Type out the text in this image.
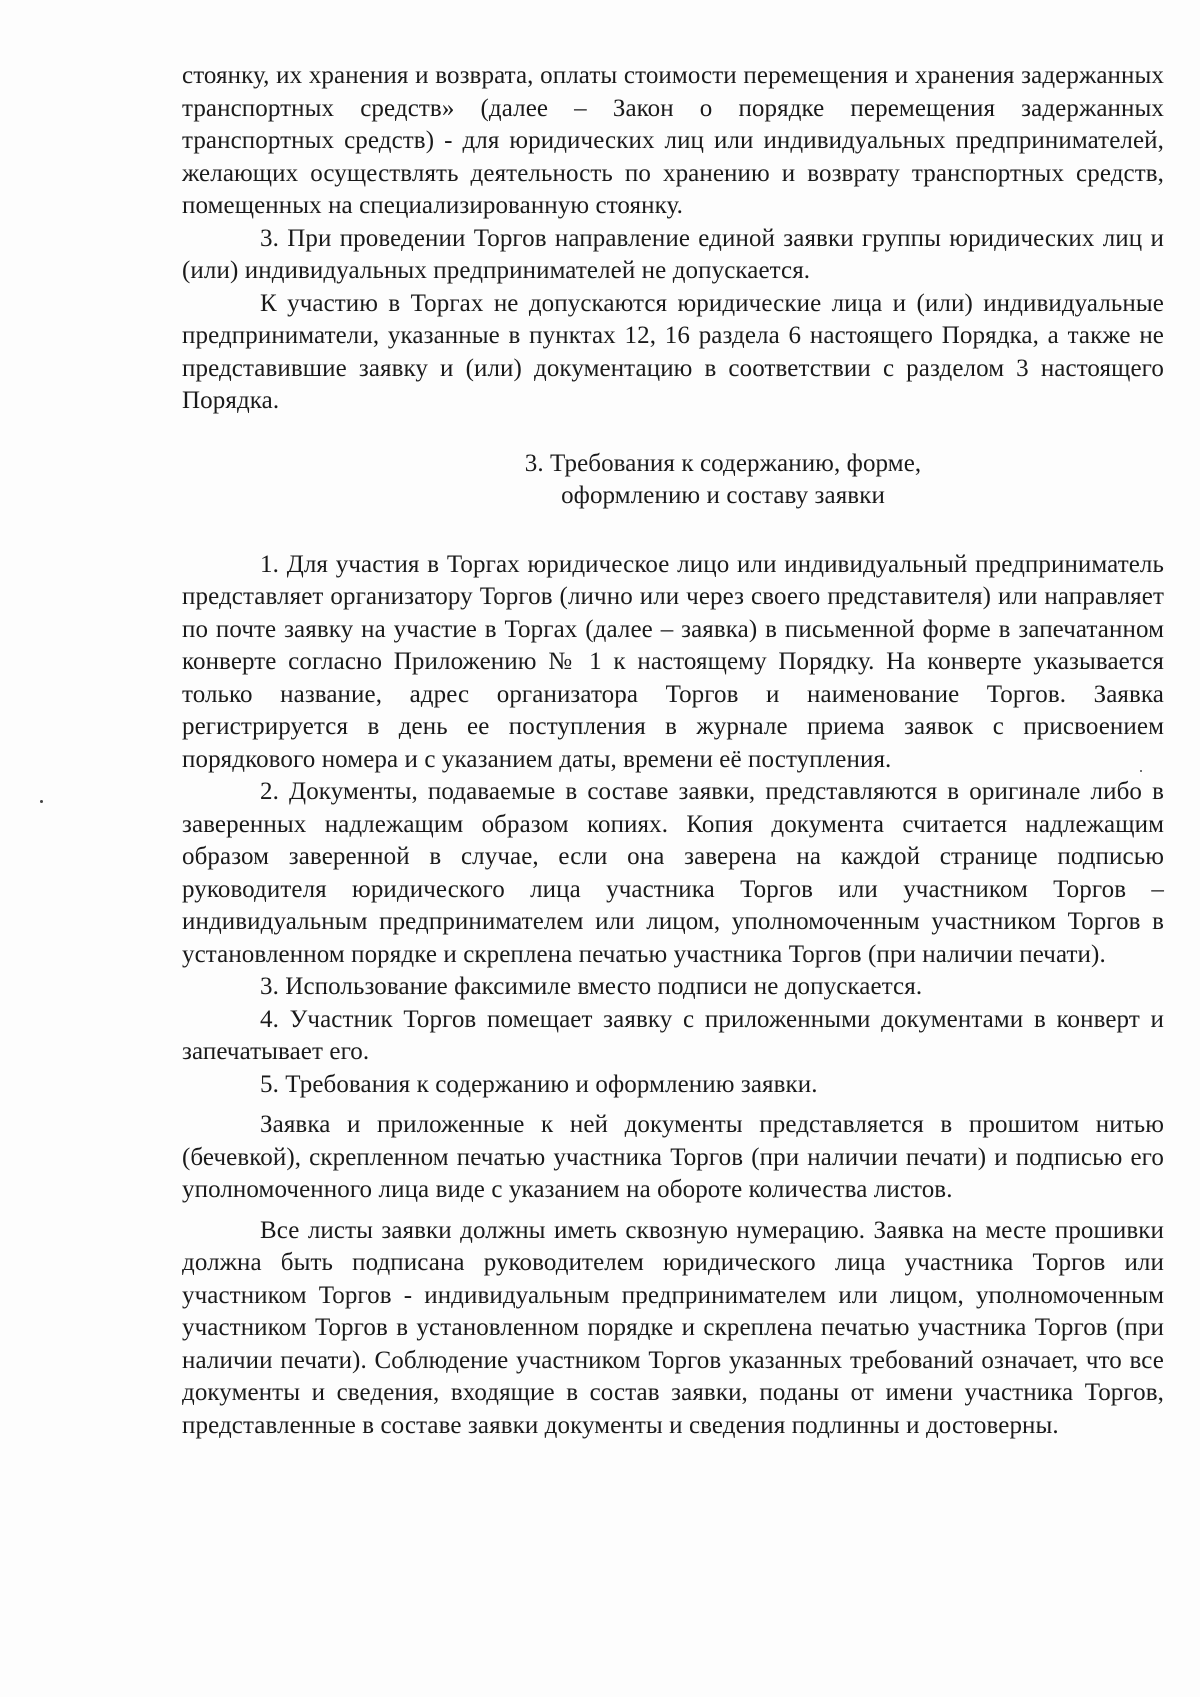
стоянку, их хранения и возврата, оплаты стоимости перемещения и хранения задержанных транспортных средств» (далее – Закон о порядке перемещения задержанных транспортных средств) - для юридических лиц или индивидуальных предпринимателей, желающих осуществлять деятельность по хранению и возврату транспортных средств, помещенных на специализированную стоянку.

3. При проведении Торгов направление единой заявки группы юридических лиц и (или) индивидуальных предпринимателей не допускается.

К участию в Торгах не допускаются юридические лица и (или) индивидуальные предприниматели, указанные в пунктах 12, 16 раздела 6 настоящего Порядка, а также не представившие заявку и (или) документацию в соответствии с разделом 3 настоящего Порядка.

3. Требования к содержанию, форме,
оформлению и составу заявки

1. Для участия в Торгах юридическое лицо или индивидуальный предприниматель представляет организатору Торгов (лично или через своего представителя) или направляет по почте заявку на участие в Торгах (далее – заявка) в письменной форме в запечатанном конверте согласно Приложению № 1 к настоящему Порядку. На конверте указывается только название, адрес организатора Торгов и наименование Торгов. Заявка регистрируется в день ее поступления в журнале приема заявок с присвоением порядкового номера и с указанием даты, времени её поступления.

2. Документы, подаваемые в составе заявки, представляются в оригинале либо в заверенных надлежащим образом копиях. Копия документа считается надлежащим образом заверенной в случае, если она заверена на каждой странице подписью руководителя юридического лица участника Торгов или участником Торгов – индивидуальным предпринимателем или лицом, уполномоченным участником Торгов в установленном порядке и скреплена печатью участника Торгов (при наличии печати).

3. Использование факсимиле вместо подписи не допускается.

4. Участник Торгов помещает заявку с приложенными документами в конверт и запечатывает его.

5. Требования к содержанию и оформлению заявки.

Заявка и приложенные к ней документы представляется в прошитом нитью (бечевкой), скрепленном печатью участника Торгов (при наличии печати) и подписью его уполномоченного лица виде с указанием на обороте количества листов.

Все листы заявки должны иметь сквозную нумерацию. Заявка на месте прошивки должна быть подписана руководителем юридического лица участника Торгов или участником Торгов - индивидуальным предпринимателем или лицом, уполномоченным участником Торгов в установленном порядке и скреплена печатью участника Торгов (при наличии печати). Соблюдение участником Торгов указанных требований означает, что все документы и сведения, входящие в состав заявки, поданы от имени участника Торгов, представленные в составе заявки документы и сведения подлинны и достоверны.
